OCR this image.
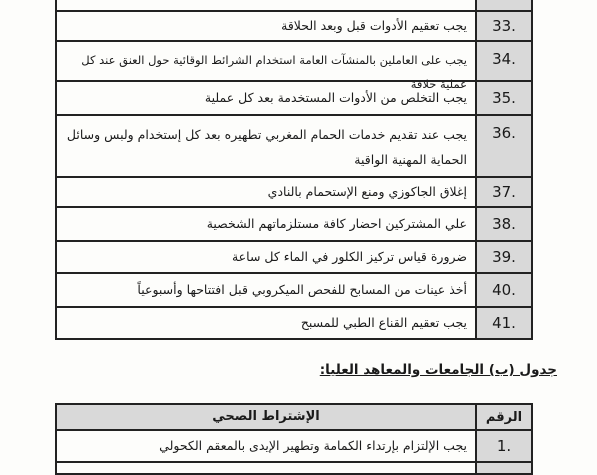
يجب تعقيم الأدوات قبل وبعد الحلاقة 33.
يجب على العاملين بالمنشآت العامة استخدام الشرائط الوقائية حول العنق عند كل عملية حلاقة
34.
يجب التخلص من الأدوات المستخدمة بعد كل عملية 35.
يجب عند تقديم خدمات الحمام المغربي تطهيره بعد كل إستخدام ولبس وسائل الحماية المهنية الواقية
36.
إغلاق الجاكوزي ومنع الإستحمام بالنادي 37.
علي المشتركين احضار كافة مستلزماتهم الشخصية 38.
ضرورة قياس تركيز الكلور في الماء كل ساعة 39.
أخذ عينات من المسابح للفحص الميكروبي قبل افتتاحها وأسبوعياً 40.
يجب تعقيم القناع الطبي للمسبح 41.
جدول (ب) الجامعات والمعاهد العليا:
الإشتراط الصحي	الرقم
يجب الإلتزام بإرتداء الكمامة وتطهير الإيدى بالمعقم الكحولي 1.
